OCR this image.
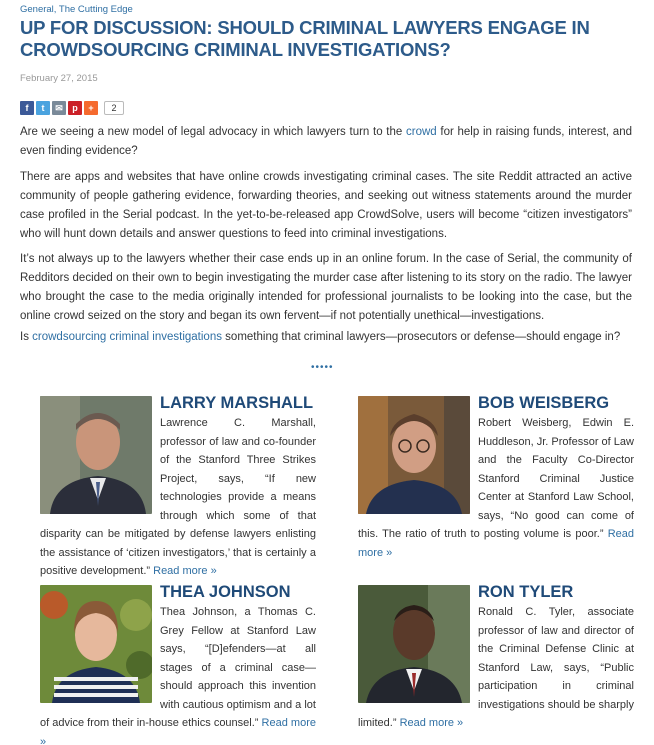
General, The Cutting Edge
UP FOR DISCUSSION: SHOULD CRIMINAL LAWYERS ENGAGE IN CROWDSOURCING CRIMINAL INVESTIGATIONS?
February 27, 2015
f	t	✉	p	+	2

Are we seeing a new model of legal advocacy in which lawyers turn to the crowd for help in raising funds, interest, and even finding evidence?

There are apps and websites that have online crowds investigating criminal cases. The site Reddit attracted an active community of people gathering evidence, forwarding theories, and seeking out witness statements around the murder case profiled in the Serial podcast. In the yet-to-be-released app CrowdSolve, users will become “citizen investigators” who will hunt down details and answer questions to feed into criminal investigations.

It’s not always up to the lawyers whether their case ends up in an online forum. In the case of Serial, the community of Redditors decided on their own to begin investigating the murder case after listening to its story on the radio. The lawyer who brought the case to the media originally intended for professional journalists to be looking into the case, but the online crowd seized on the story and began its own fervent—if not potentially unethical—investigations.

Is crowdsourcing criminal investigations something that criminal lawyers—prosecutors or defense—should engage in?

•••••
LARRY MARSHALL

Lawrence C. Marshall, professor of law and co-founder of the Stanford Three Strikes Project, says, “If new technologies provide a means through which some of that disparity can be mitigated by defense lawyers enlisting the assistance of ‘citizen investigators,’ that is certainly a positive development.” Read more »

BOB WEISBERG

Robert Weisberg, Edwin E. Huddleson, Jr. Professor of Law and the Faculty Co-Director Stanford Criminal Justice Center at Stanford Law School, says, “No good can come of this. The ratio of truth to posting volume is poor.” Read more »

THEA JOHNSON

Thea Johnson, a Thomas C. Grey Fellow at Stanford Law says, “[D]efenders—at all stages of a criminal case—should approach this invention with cautious optimism and a lot of advice from their in-house ethics counsel.” Read more »

RON TYLER

Ronald C. Tyler, associate professor of law and director of the Criminal Defense Clinic at Stanford Law, says, “Public participation in criminal investigations should be sharply limited.” Read more »
